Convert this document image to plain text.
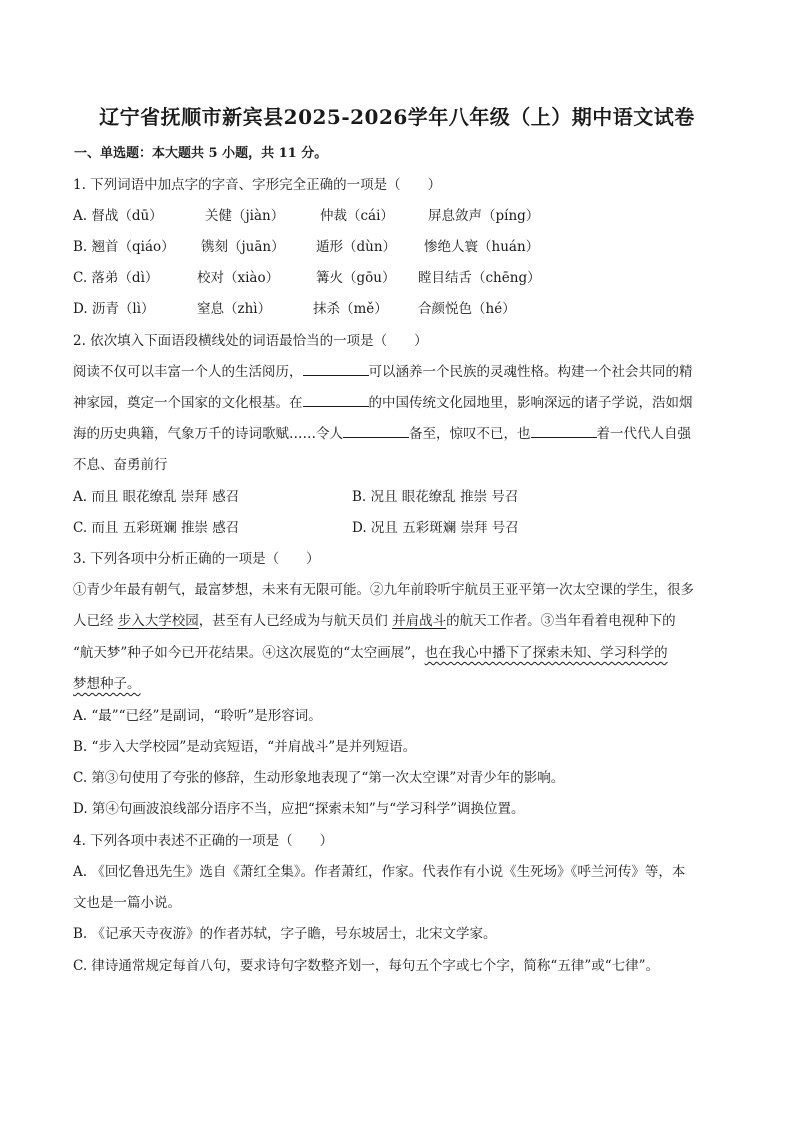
辽宁省抚顺市新宾县2025-2026学年八年级（上）期中语文试卷
一、单选题：本大题共 5 小题，共 11 分。
1. 下列词语中加点字的字音、字形完全正确的一项是（　　）
A. 督战（dū）	关健（jiàn）	仲裁（cái）	屏息敛声（píng）
B. 翘首（qiáo） 镌刻（juān） 遁形（dùn） 惨绝人寰（huán）
C. 落弟（dì）	校对（xiào）	篝火（gōu） 瞠目结舌（chēng）
D. 沥青（lì）	窒息（zhì）	抹杀（mě） 合颜悦色（hé）
2. 依次填入下面语段横线处的词语最恰当的一项是（　　）
阅读不仅可以丰富一个人的生活阅历，	可以涵养一个民族的灵魂性格。构建一个社会共同的精
神家园，奠定一个国家的文化根基。在	的中国传统文化园地里，影响深远的诸子学说，浩如烟
海的历史典籍，气象万千的诗词歌赋……令人	备至，惊叹不已，也	着一代代人自强
不息、奋勇前行
A. 而且 眼花缭乱 崇拜 感召	B. 况且 眼花缭乱 推崇 号召
C. 而且 五彩斑斓 推崇 感召	D. 况且 五彩斑斓 崇拜 号召
3. 下列各项中分析正确的一项是（　　）
①青少年最有朝气，最富梦想，未来有无限可能。②九年前聆听宇航员王亚平第一次太空课的学生，很多
人已经 步入大学校园，甚至有人已经成为与航天员们 并肩战斗的航天工作者。③当年看着电视种下的
“航天梦”种子如今已开花结果。④这次展览的“太空画展”，也在我心中播下了探索未知、学习科学的
梦想种子。
A. “最”“已经”是副词，“聆听”是形容词。
B. “步入大学校园”是动宾短语，“并肩战斗”是并列短语。
C. 第③句使用了夸张的修辞，生动形象地表现了“第一次太空课”对青少年的影响。
D. 第④句画波浪线部分语序不当，应把“探索未知”与“学习科学”调换位置。
4. 下列各项中表述不正确的一项是（　　）
A. 《回忆鲁迅先生》选自《萧红全集》。作者萧红，作家。代表作有小说《生死场》《呼兰河传》等，本
文也是一篇小说。
B. 《记承天寺夜游》的作者苏轼，字子瞻，号东坡居士，北宋文学家。
C. 律诗通常规定每首八句，要求诗句字数整齐划一，每句五个字或七个字，简称“五律”或“七律”。
